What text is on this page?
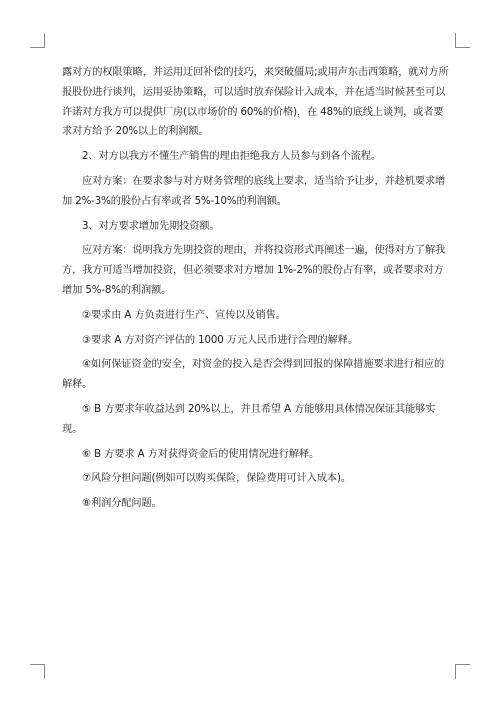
露对方的权限策略，并运用迂回补偿的技巧，来突破僵局;或用声东击西策略，就对方所报股份进行谈判，运用妥协策略，可以适时放弃保险计入成本，并在适当时候甚至可以许诺对方我方可以提供厂房(以市场价的 60%的价格)，在 48%的底线上谈判，或者要求对方给予 20%以上的利润额。

2、对方以我方不懂生产销售的理由拒绝我方人员参与到各个流程。

应对方案：在要求参与对方财务管理的底线上要求，适当给予让步，并趁机要求增加 2%-3%的股份占有率或者 5%-10%的利润额。

3、对方要求增加先期投资额。

应对方案：说明我方先期投资的理由，并将投资形式再阐述一遍，使得对方了解我方，我方可适当增加投资，但必须要求对方增加 1%-2%的股份占有率，或者要求对方增加 5%-8%的利润额。

②要求由 A 方负责进行生产、宣传以及销售。

③要求 A 方对资产评估的 1000 万元人民币进行合理的解释。

④如何保证资金的安全，对资金的投入是否会得到回报的保障措施要求进行相应的解释。

⑤ B 方要求年收益达到 20%以上，并且希望 A 方能够用具体情况保证其能够实现。

⑥ B 方要求 A 方对获得资金后的使用情况进行解释。

⑦风险分担问题(例如可以购买保险，保险费用可计入成本)。

⑧利润分配问题。
